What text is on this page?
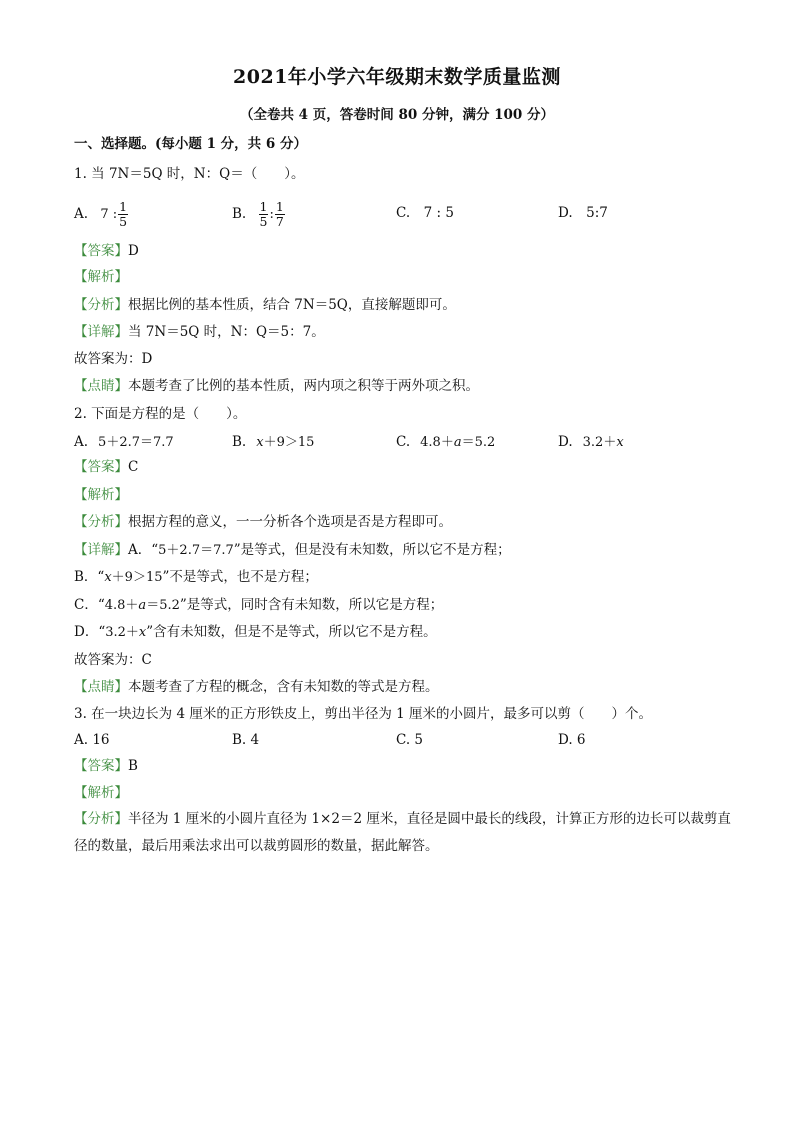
2021年小学六年级期末数学质量监测
（全卷共 4 页，答卷时间 80 分钟，满分 100 分）
一、选择题。(每小题 1 分，共 6 分）
1. 当 7N＝5Q 时，N：Q＝（　　）。
A. 7 : $\frac{1}{5}$	B. $\frac{1}{5}$ : $\frac{1}{7}$	C.　7 : 5	D.　5:7
【答案】D
【解析】
【分析】根据比例的基本性质，结合 7N＝5Q，直接解题即可。
【详解】当 7N＝5Q 时，N：Q＝5：7。
故答案为：D
【点睛】本题考查了比例的基本性质，两内项之积等于两外项之积。
2. 下面是方程的是（　　）。
A. 5＋2.7＝7.7	B. x＋9＞15	C. 4.8＋a＝5.2	D. 3.2＋x
【答案】C
【解析】
【分析】根据方程的意义，一一分析各个选项是否是方程即可。
【详解】A．“5＋2.7＝7.7”是等式，但是没有未知数，所以它不是方程；
B．“x＋9＞15”不是等式，也不是方程；
C．“4.8＋a＝5.2”是等式，同时含有未知数，所以它是方程；
D．“3.2＋x”含有未知数，但是不是等式，所以它不是方程。
故答案为：C
【点睛】本题考查了方程的概念，含有未知数的等式是方程。
3. 在一块边长为 4 厘米的正方形铁皮上，剪出半径为 1 厘米的小圆片，最多可以剪（　　）个。
A. 16	B. 4	C. 5	D. 6
【答案】B
【解析】
【分析】半径为 1 厘米的小圆片直径为 1×2＝2 厘米，直径是圆中最长的线段，计算正方形的边长可以裁剪直径的数量，最后用乘法求出可以裁剪圆形的数量，据此解答。
